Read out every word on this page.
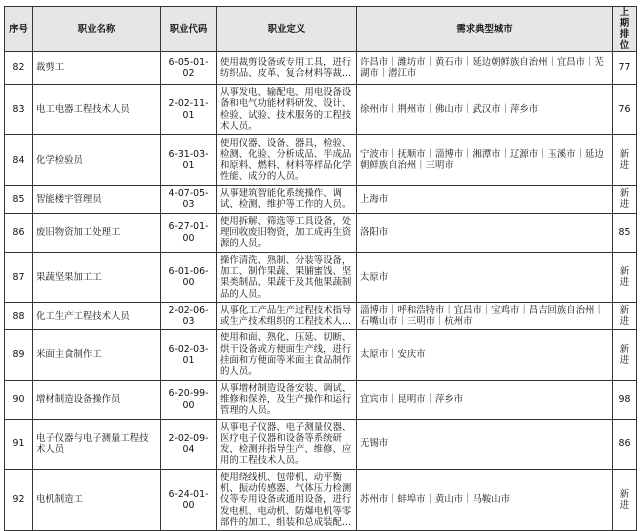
序号	职业名称	职业代码	职业定义	需求典型城市	上期排位
82	裁剪工	6-05-01-02	使用裁剪设备或专用工具，进行纺织品、皮革、复合材料等裁剪	许昌市｜潍坊市｜黄石市｜延边朝鲜族自治州｜宜昌市｜芜湖市｜潜江市	77
83	电工电器工程技术人员	2-02-11-01	从事发电、输配电、用电设备设备和电气功能材料研发、设计、检验、试验、技术服务的工程技术人员。	徐州市｜荆州市｜佛山市｜武汉市｜萍乡市	76
84	化学检验员	6-31-03-01	使用仪器、设备、器具，检验、检测、化验、分析成品、半成品和原料、燃料、材料等样品化学性能、成分的人员。	宁波市｜抚顺市｜淄博市｜湘潭市｜辽源市｜玉溪市｜延边朝鲜族自治州｜三明市	新进
85	智能楼宇管理员	4-07-05-03	从事建筑智能化系统操作、调试、检测、维护等工作的人员。	上海市	新进
86	废旧物资加工处理工	6-27-01-00	使用拆解、筛选等工具设备，处理回收废旧物资，加工成再生资源的人员。	洛阳市	85
87	果蔬坚果加工工	6-01-06-00	操作清洗、熟制、分装等设备，加工、制作果蔬、果脯蜜饯、坚果类制品、果蔬干及其他果蔬制品的人员。	太原市	新进
88	化工生产工程技术人员	2-02-06-03	从事化工产品生产过程技术指导或生产技术组织的工程技术人	淄博市｜呼和浩特市｜宜昌市｜宝鸡市｜昌吉回族自治州｜石嘴山市｜三明市｜杭州市	新进
89	米面主食制作工	6-02-03-01	使用和面、熟化、压延、切断、烘干设备或方便面生产线，进行挂面和方便面等米面主食品制作的人员。	太原市｜安庆市	新进
90	增材制造设备操作员	6-20-99-00	从事增材制造设备安装、调试、维修和保养，及生产操作和运行管理的人员。	宜宾市｜昆明市｜萍乡市	98
91	电子仪器与电子测量工程技术人员	2-02-09-04	从事电子仪器、电子测量仪器、医疗电子仪器和设备等系统研发、检测并指导生产、维修、应用的工程技术人员。	无锡市	86
92	电机制造工	6-24-01-00	使用绕线机、包带机、动平衡机、振动传感器、气体压力检测仪等专用设备或通用设备，进行发电机、电动机、防爆电机等零部件的加工、组装和总成装配、	苏州市｜蚌埠市｜黄山市｜马鞍山市	新进
